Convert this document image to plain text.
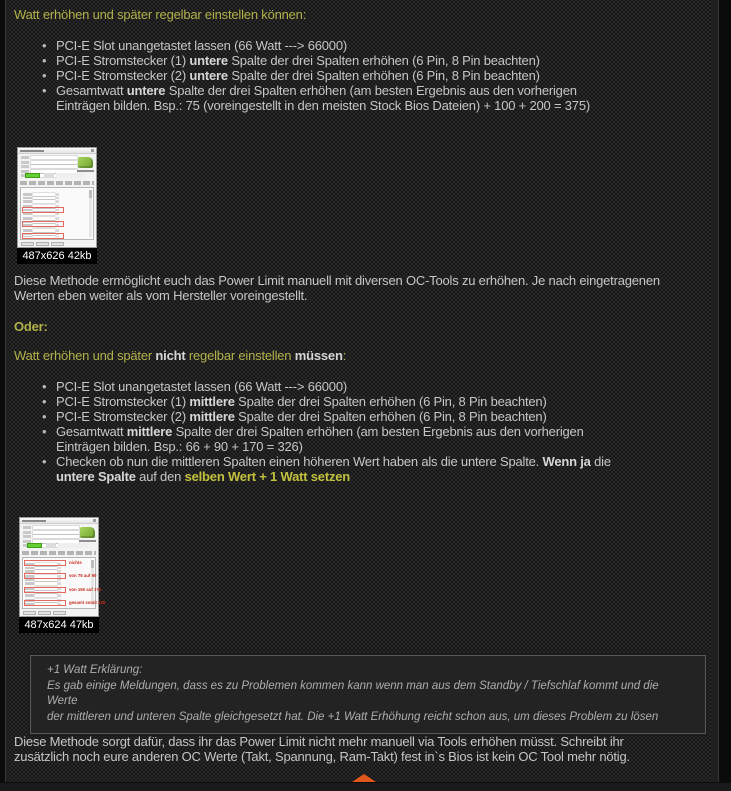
Watt erhöhen und später regelbar einstellen können:
• PCI-E Slot unangetastet lassen (66 Watt ---> 66000)
• PCI-E Stromstecker (1) untere Spalte der drei Spalten erhöhen (6 Pin, 8 Pin beachten)
• PCI-E Stromstecker (2) untere Spalte der drei Spalten erhöhen (6 Pin, 8 Pin beachten)
• Gesamtwatt untere Spalte der drei Spalten erhöhen (am besten Ergebnis aus den vorherigen
Einträgen bilden. Bsp.: 75 (voreingestellt in den meisten Stock Bios Dateien) + 100 + 200 = 375)
487x626 42kb
Diese Methode ermöglicht euch das Power Limit manuell mit diversen OC-Tools zu erhöhen. Je nach eingetragenen
Werten eben weiter als vom Hersteller voreingestellt.
Oder:
Watt erhöhen und später nicht regelbar einstellen müssen:
• PCI-E Slot unangetastet lassen (66 Watt ---> 66000)
• PCI-E Stromstecker (1) mittlere Spalte der drei Spalten erhöhen (6 Pin, 8 Pin beachten)
• PCI-E Stromstecker (2) mittlere Spalte der drei Spalten erhöhen (6 Pin, 8 Pin beachten)
• Gesamtwatt mittlere Spalte der drei Spalten erhöhen (am besten Ergebnis aus den vorherigen
Einträgen bilden. Bsp.: 66 + 90 + 170 = 326)
• Checken ob nun die mittleren Spalten einen höheren Wert haben als die untere Spalte. Wenn ja die
untere Spalte auf den selben Wert + 1 Watt setzen
nichts
von 75 auf 90
von 150 auf 170
gesamt somit 326
487x624 47kb
+1 Watt Erklärung:
Es gab einige Meldungen, dass es zu Problemen kommen kann wenn man aus dem Standby / Tiefschlaf kommt und die Werte
der mittleren und unteren Spalte gleichgesetzt hat. Die +1 Watt Erhöhung reicht schon aus, um dieses Problem zu lösen
Diese Methode sorgt dafür, dass ihr das Power Limit nicht mehr manuell via Tools erhöhen müsst. Schreibt ihr
zusätzlich noch eure anderen OC Werte (Takt, Spannung, Ram-Takt) fest in`s Bios ist kein OC Tool mehr nötig.
